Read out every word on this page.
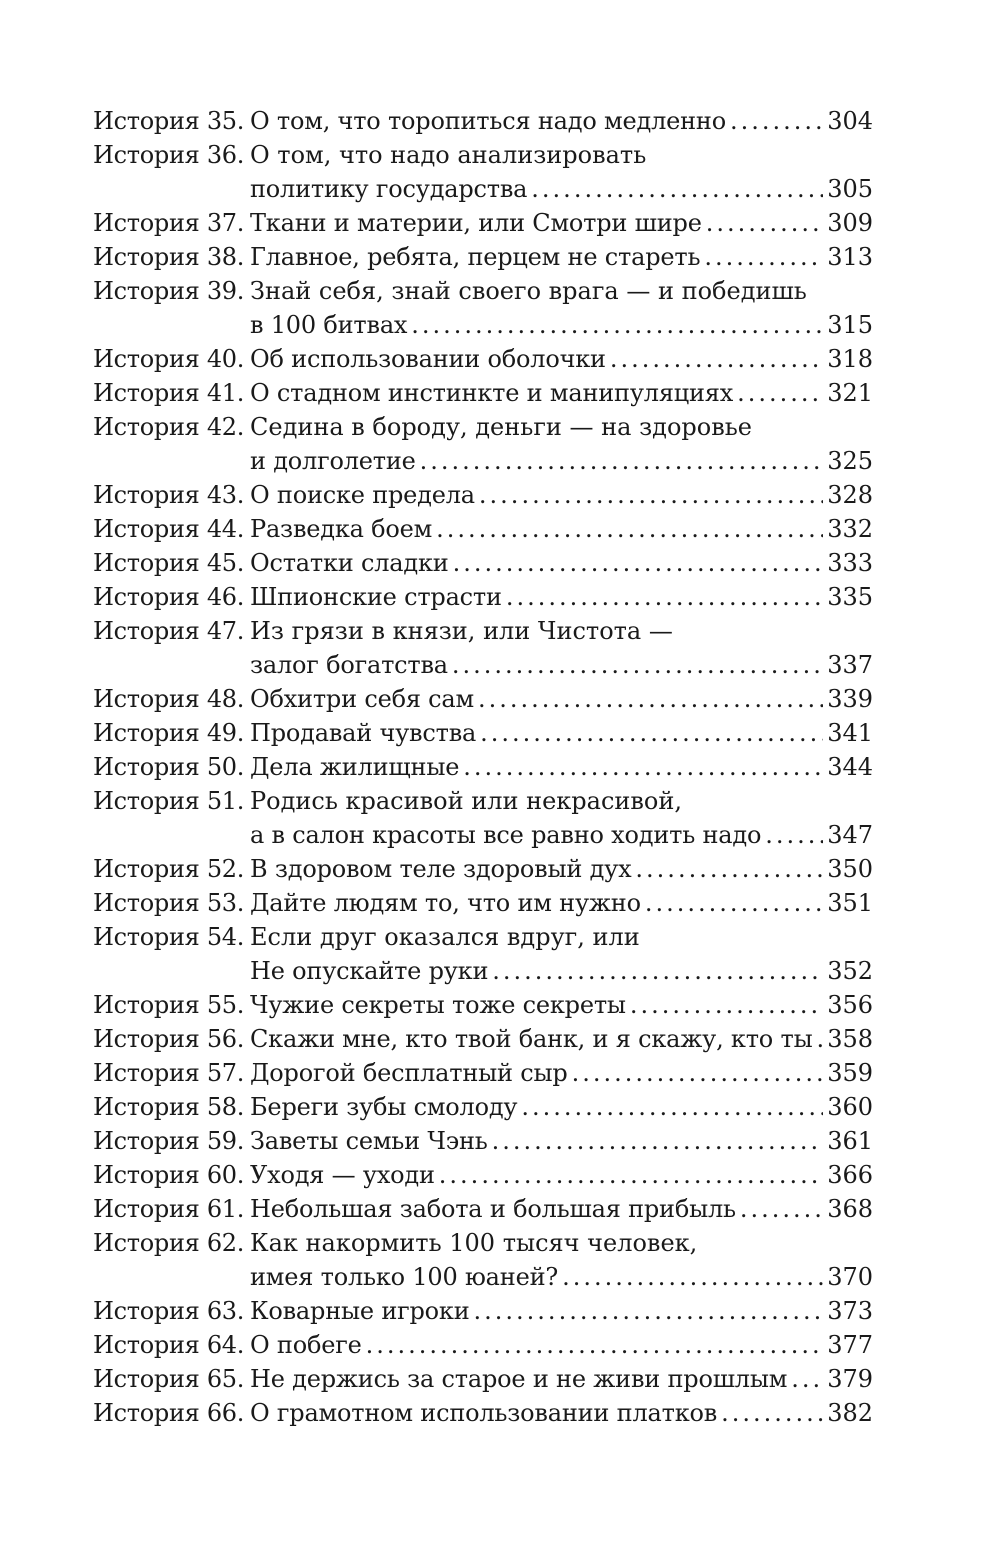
История 35. О том, что торопиться надо медленно .....	304
История 36. О том, что надо анализировать
политику государства .....	305
История 37. Ткани и материи, или Смотри шире .....	309
История 38. Главное, ребята, перцем не стареть .....	313
История 39. Знай себя, знай своего врага — и победишь
в 100 битвах .....	315
История 40. Об использовании оболочки .....	318
История 41. О стадном инстинкте и манипуляциях .....	321
История 42. Седина в бороду, деньги — на здоровье
и долголетие .....	325
История 43. О поиске предела .....	328
История 44. Разведка боем .....	332
История 45. Остатки сладки .....	333
История 46. Шпионские страсти .....	335
История 47. Из грязи в князи, или Чистота —
залог богатства .....	337
История 48. Обхитри себя сам .....	339
История 49. Продавай чувства .....	341
История 50. Дела жилищные .....	344
История 51. Родись красивой или некрасивой,
а в салон красоты все равно ходить надо .....	347
История 52. В здоровом теле здоровый дух .....	350
История 53. Дайте людям то, что им нужно .....	351
История 54. Если друг оказался вдруг, или
Не опускайте руки .....	352
История 55. Чужие секреты тоже секреты .....	356
История 56. Скажи мне, кто твой банк, и я скажу, кто ты ..... 358
История 57. Дорогой бесплатный сыр .....	359
История 58. Береги зубы смолоду .....	360
История 59. Заветы семьи Чэнь .....	361
История 60. Уходя — уходи .....	366
История 61. Небольшая забота и большая прибыль .....	368
История 62. Как накормить 100 тысяч человек,
имея только 100 юаней? .....	370
История 63. Коварные игроки .....	373
История 64. О побеге .....	377
История 65. Не держись за старое и не живи прошлым ..... 379
История 66. О грамотном использовании платков .....	382
